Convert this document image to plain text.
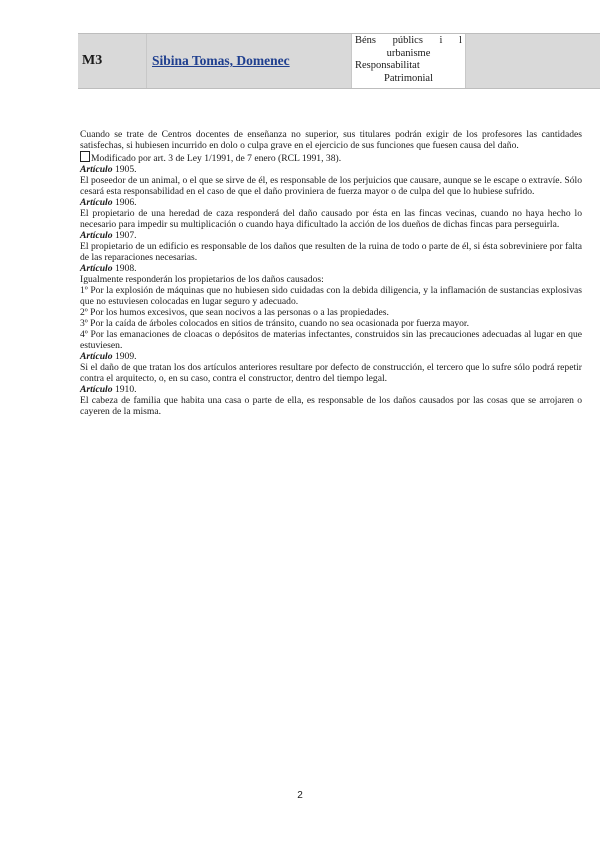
M3	Sibina Tomas, Domenec
Béns públics i l
urbanisme
Responsabilitat
Patrimonial

Cuando se trate de Centros docentes de enseñanza no superior, sus titulares podrán exigir de los profesores las cantidades satisfechas, si hubiesen incurrido en dolo o culpa grave en el ejercicio de sus funciones que fuesen causa del daño.

Modificado por art. 3 de Ley 1/1991, de 7 enero (RCL 1991, 38).

Artículo 1905.

El poseedor de un animal, o el que se sirve de él, es responsable de los perjuicios que causare, aunque se le escape o extravíe. Sólo cesará esta responsabilidad en el caso de que el daño proviniera de fuerza mayor o de culpa del que lo hubiese sufrido.

Artículo 1906.

El propietario de una heredad de caza responderá del daño causado por ésta en las fincas vecinas, cuando no haya hecho lo necesario para impedir su multiplicación o cuando haya dificultado la acción de los dueños de dichas fincas para perseguirla.

Artículo 1907.

El propietario de un edificio es responsable de los daños que resulten de la ruina de todo o parte de él, si ésta sobreviniere por falta de las reparaciones necesarias.

Artículo 1908.

Igualmente responderán los propietarios de los daños causados:

1º Por la explosión de máquinas que no hubiesen sido cuidadas con la debida diligencia, y la inflamación de sustancias explosivas que no estuviesen colocadas en lugar seguro y adecuado.

2º Por los humos excesivos, que sean nocivos a las personas o a las propiedades.

3º Por la caída de árboles colocados en sitios de tránsito, cuando no sea ocasionada por fuerza mayor.

4º Por las emanaciones de cloacas o depósitos de materias infectantes, construidos sin las precauciones adecuadas al lugar en que estuviesen.

Artículo 1909.

Si el daño de que tratan los dos artículos anteriores resultare por defecto de construcción, el tercero que lo sufre sólo podrá repetir contra el arquitecto, o, en su caso, contra el constructor, dentro del tiempo legal.

Artículo 1910.

El cabeza de familia que habita una casa o parte de ella, es responsable de los daños causados por las cosas que se arrojaren o cayeren de la misma.

2
